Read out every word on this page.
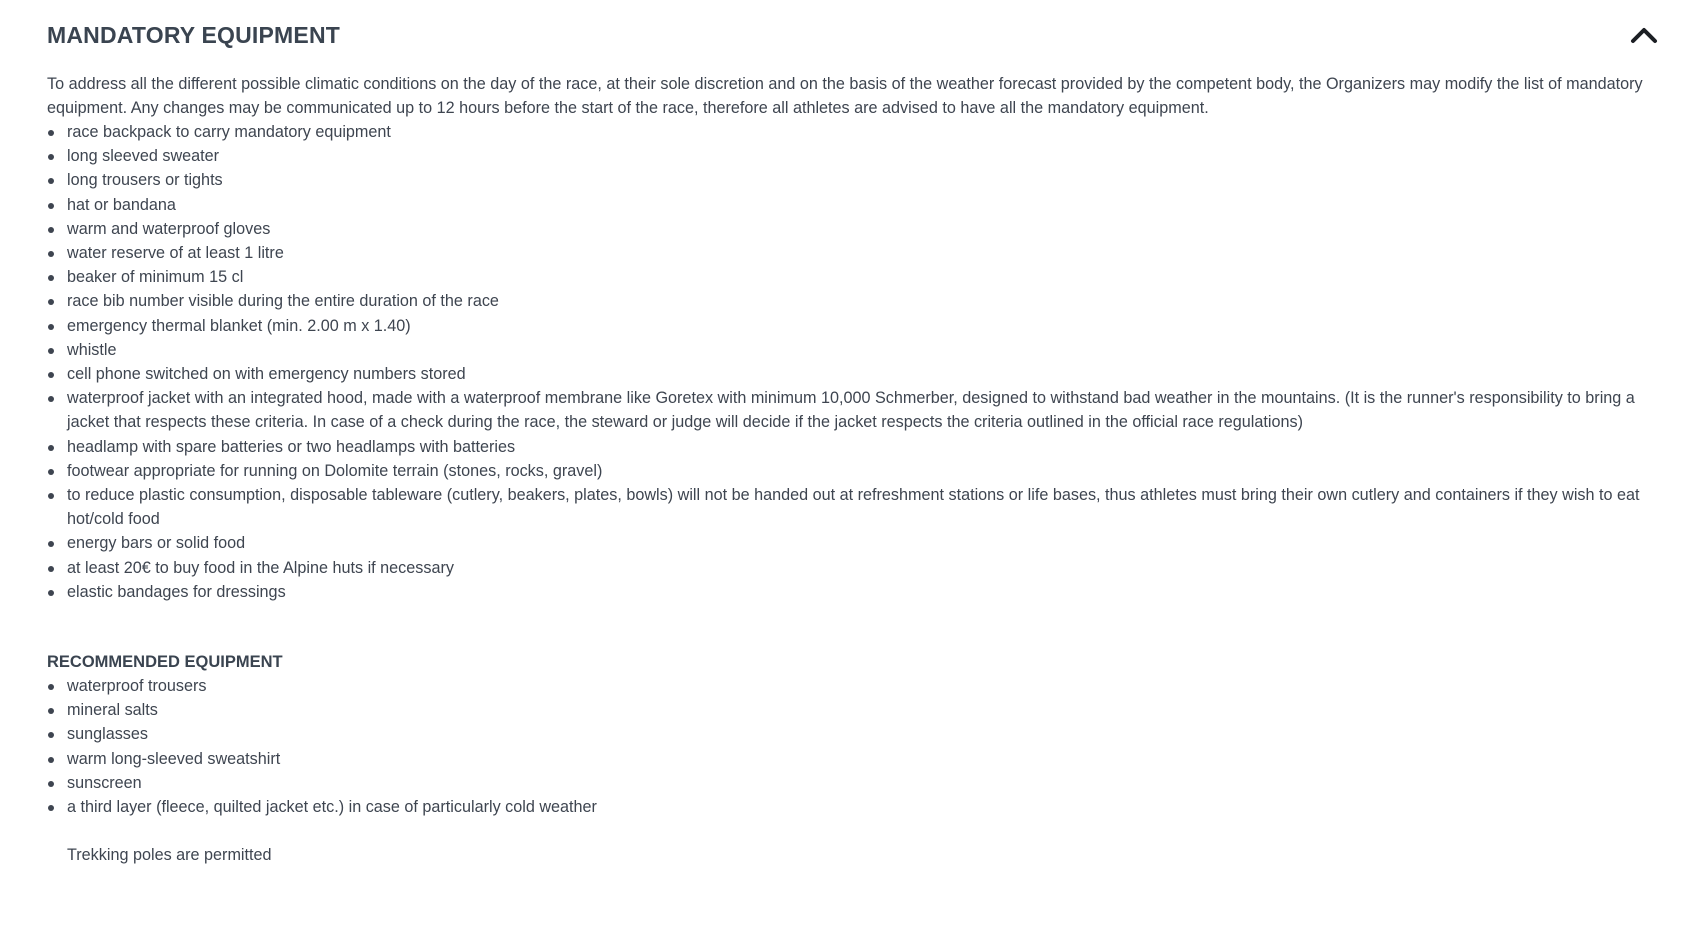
MANDATORY EQUIPMENT

To address all the different possible climatic conditions on the day of the race, at their sole discretion and on the basis of the weather forecast provided by the competent body, the Organizers may modify the list of mandatory equipment. Any changes may be communicated up to 12 hours before the start of the race, therefore all athletes are advised to have all the mandatory equipment.

race backpack to carry mandatory equipment
long sleeved sweater
long trousers or tights
hat or bandana
warm and waterproof gloves
water reserve of at least 1 litre
beaker of minimum 15 cl
race bib number visible during the entire duration of the race
emergency thermal blanket (min. 2.00 m x 1.40)
whistle
cell phone switched on with emergency numbers stored
waterproof jacket with an integrated hood, made with a waterproof membrane like Goretex with minimum 10,000 Schmerber, designed to withstand bad weather in the mountains. (It is the runner's responsibility to bring a jacket that respects these criteria. In case of a check during the race, the steward or judge will decide if the jacket respects the criteria outlined in the official race regulations)
headlamp with spare batteries or two headlamps with batteries
footwear appropriate for running on Dolomite terrain (stones, rocks, gravel)
to reduce plastic consumption, disposable tableware (cutlery, beakers, plates, bowls) will not be handed out at refreshment stations or life bases, thus athletes must bring their own cutlery and containers if they wish to eat hot/cold food
energy bars or solid food
at least 20€ to buy food in the Alpine huts if necessary
elastic bandages for dressings
RECOMMENDED EQUIPMENT
waterproof trousers
mineral salts
sunglasses
warm long-sleeved sweatshirt
sunscreen
a third layer (fleece, quilted jacket etc.) in case of particularly cold weather

Trekking poles are permitted
